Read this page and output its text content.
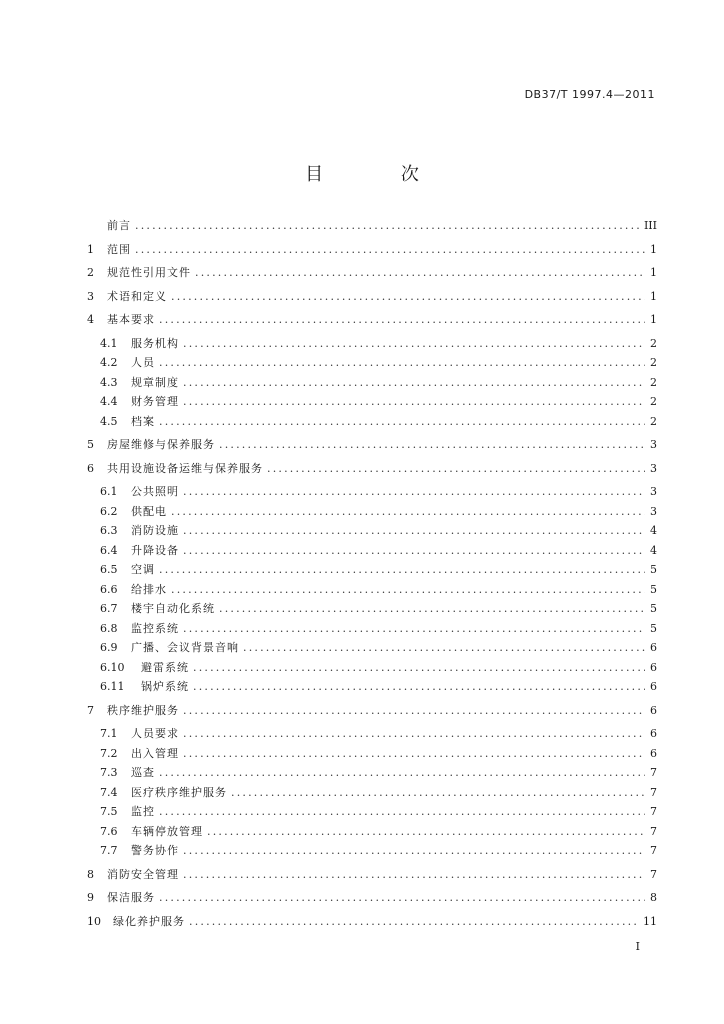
DB37/T 1997.4—2011
目 次
前言 .....	III
1	范围 .....	1
2	规范性引用文件 .....	1
3	术语和定义 .....	1
4	基本要求 .....	1
4.1	服务机构 .....	2
4.2	人员 .....	2
4.3	规章制度 .....	2
4.4	财务管理 .....	2
4.5	档案 .....	2
5	房屋维修与保养服务 .....	3
6	共用设施设备运维与保养服务 .....	3
6.1	公共照明 .....	3
6.2	供配电 .....	3
6.3	消防设施 .....	4
6.4	升降设备 .....	4
6.5	空调 .....	5
6.6	给排水 .....	5
6.7	楼宇自动化系统 .....	5
6.8	监控系统 .....	5
6.9	广播、会议背景音响 .....	6
6.10	避雷系统 .....	6
6.11	锅炉系统 .....	6
7	秩序维护服务 .....	6
7.1	人员要求 .....	6
7.2	出入管理 .....	6
7.3	巡查 .....	7
7.4	医疗秩序维护服务 .....	7
7.5	监控 .....	7
7.6	车辆停放管理 .....	7
7.7	警务协作 .....	7
8	消防安全管理 .....	7
9	保洁服务 .....	8
10	绿化养护服务 .....	11
I
